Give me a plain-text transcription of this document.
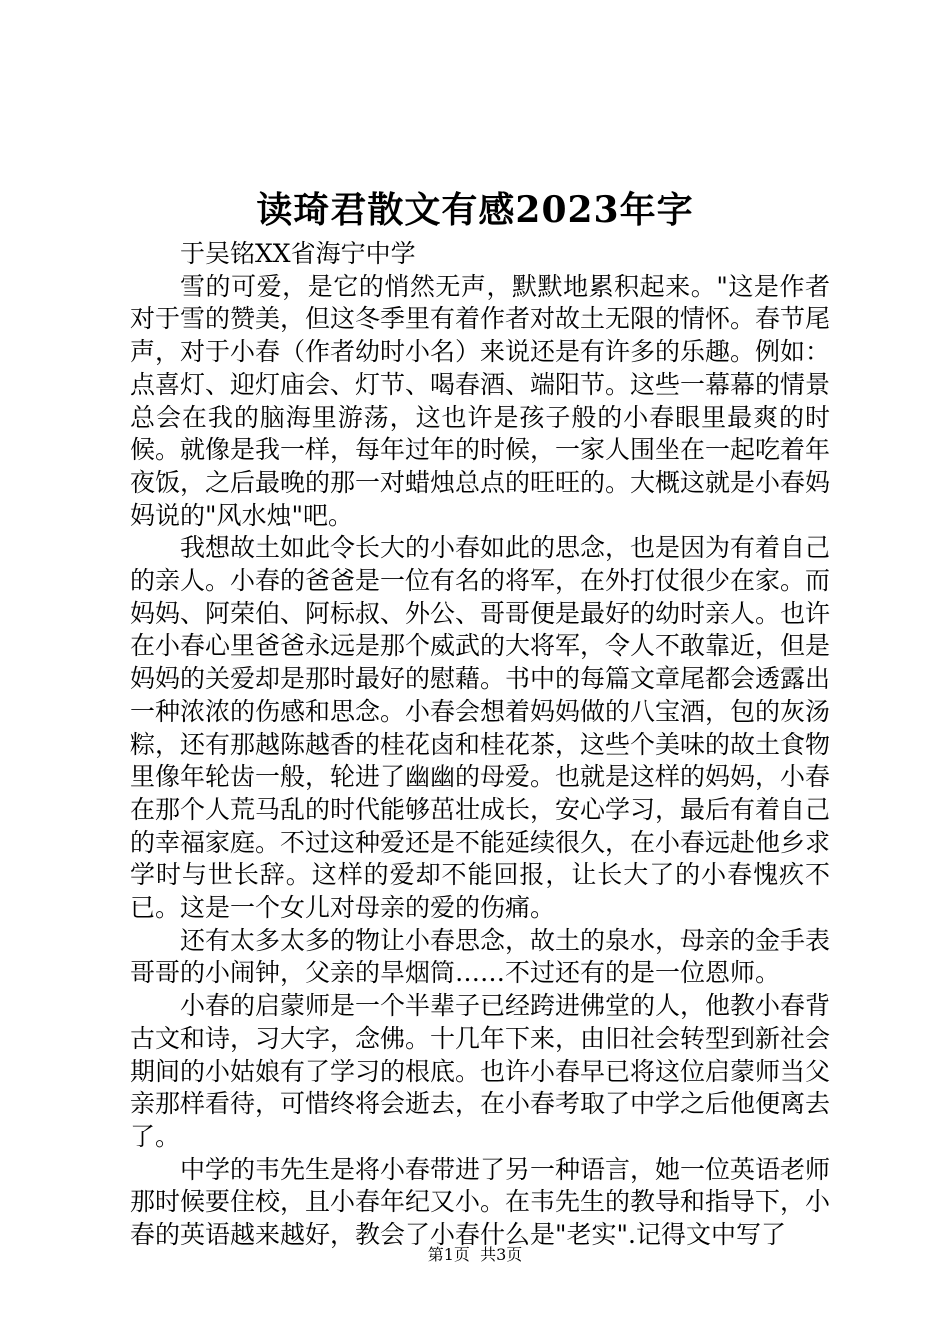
读琦君散文有感2023年字

于吴铭XX省海宁中学

雪的可爱，是它的悄然无声，默默地累积起来。"这是作者对于雪的赞美，但这冬季里有着作者对故土无限的情怀。春节尾声，对于小春（作者幼时小名）来说还是有许多的乐趣。例如：点喜灯、迎灯庙会、灯节、喝春酒、端阳节。这些一幕幕的情景总会在我的脑海里游荡，这也许是孩子般的小春眼里最爽的时候。就像是我一样，每年过年的时候，一家人围坐在一起吃着年夜饭，之后最晚的那一对蜡烛总点的旺旺的。大概这就是小春妈妈说的"风水烛"吧。

我想故土如此令长大的小春如此的思念，也是因为有着自己的亲人。小春的爸爸是一位有名的将军，在外打仗很少在家。而妈妈、阿荣伯、阿标叔、外公、哥哥便是最好的幼时亲人。也许在小春心里爸爸永远是那个威武的大将军，令人不敢靠近，但是妈妈的关爱却是那时最好的慰藉。书中的每篇文章尾都会透露出一种浓浓的伤感和思念。小春会想着妈妈做的八宝酒，包的灰汤粽，还有那越陈越香的桂花卤和桂花茶，这些个美味的故土食物里像年轮齿一般，轮进了幽幽的母爱。也就是这样的妈妈，小春在那个人荒马乱的时代能够茁壮成长，安心学习，最后有着自己的幸福家庭。不过这种爱还是不能延续很久，在小春远赴他乡求学时与世长辞。这样的爱却不能回报，让长大了的小春愧疚不已。这是一个女儿对母亲的爱的伤痛。

还有太多太多的物让小春思念，故土的泉水，母亲的金手表哥哥的小闹钟，父亲的旱烟筒……不过还有的是一位恩师。

小春的启蒙师是一个半辈子已经跨进佛堂的人，他教小春背古文和诗，习大字，念佛。十几年下来，由旧社会转型到新社会期间的小姑娘有了学习的根底。也许小春早已将这位启蒙师当父亲那样看待，可惜终将会逝去，在小春考取了中学之后他便离去了。

中学的韦先生是将小春带进了另一种语言，她一位英语老师那时候要住校，且小春年纪又小。在韦先生的教导和指导下，小春的英语越来越好，教会了小春什么是"老实".记得文中写了

第1页 共3页
